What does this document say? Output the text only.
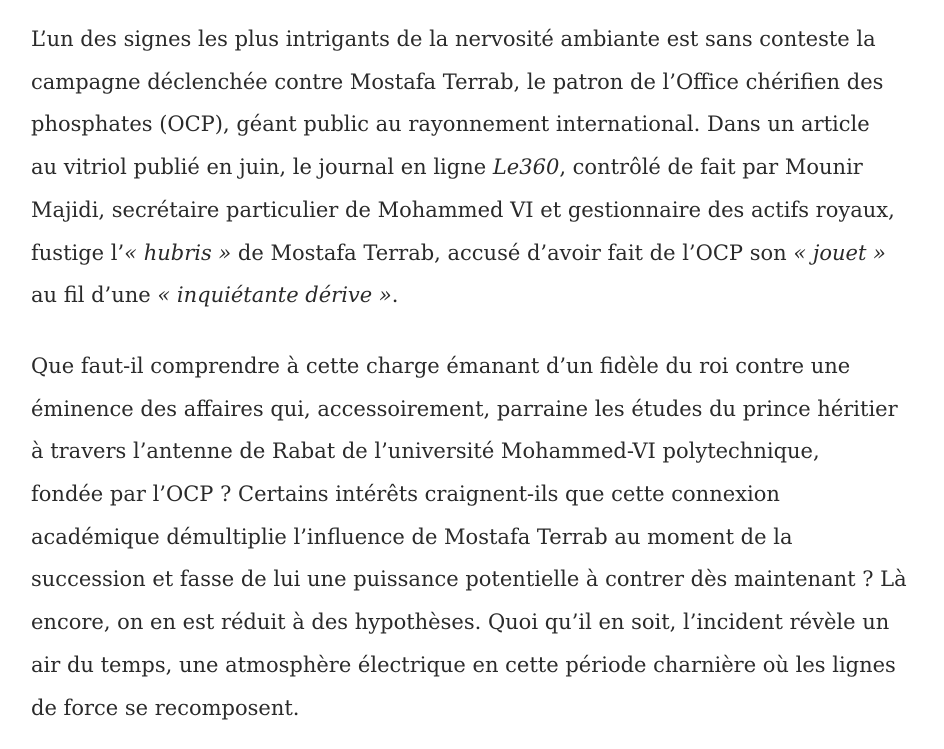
L’un des signes les plus intrigants de la nervosité ambiante est sans conteste la
campagne déclenchée contre Mostafa Terrab, le patron de l’Office chérifien des
phosphates (OCP), géant public au rayonnement international. Dans un article
au vitriol publié en juin, le journal en ligne Le360, contrôlé de fait par Mounir
Majidi, secrétaire particulier de Mohammed VI et gestionnaire des actifs royaux,
fustige l’« hubris » de Mostafa Terrab, accusé d’avoir fait de l’OCP son « jouet »
au fil d’une « inquiétante dérive ».

Que faut-il comprendre à cette charge émanant d’un fidèle du roi contre une
éminence des affaires qui, accessoirement, parraine les études du prince héritier
à travers l’antenne de Rabat de l’université Mohammed-VI polytechnique,
fondée par l’OCP ? Certains intérêts craignent-ils que cette connexion
académique démultiplie l’influence de Mostafa Terrab au moment de la
succession et fasse de lui une puissance potentielle à contrer dès maintenant ? Là
encore, on en est réduit à des hypothèses. Quoi qu’il en soit, l’incident révèle un
air du temps, une atmosphère électrique en cette période charnière où les lignes
de force se recomposent.
